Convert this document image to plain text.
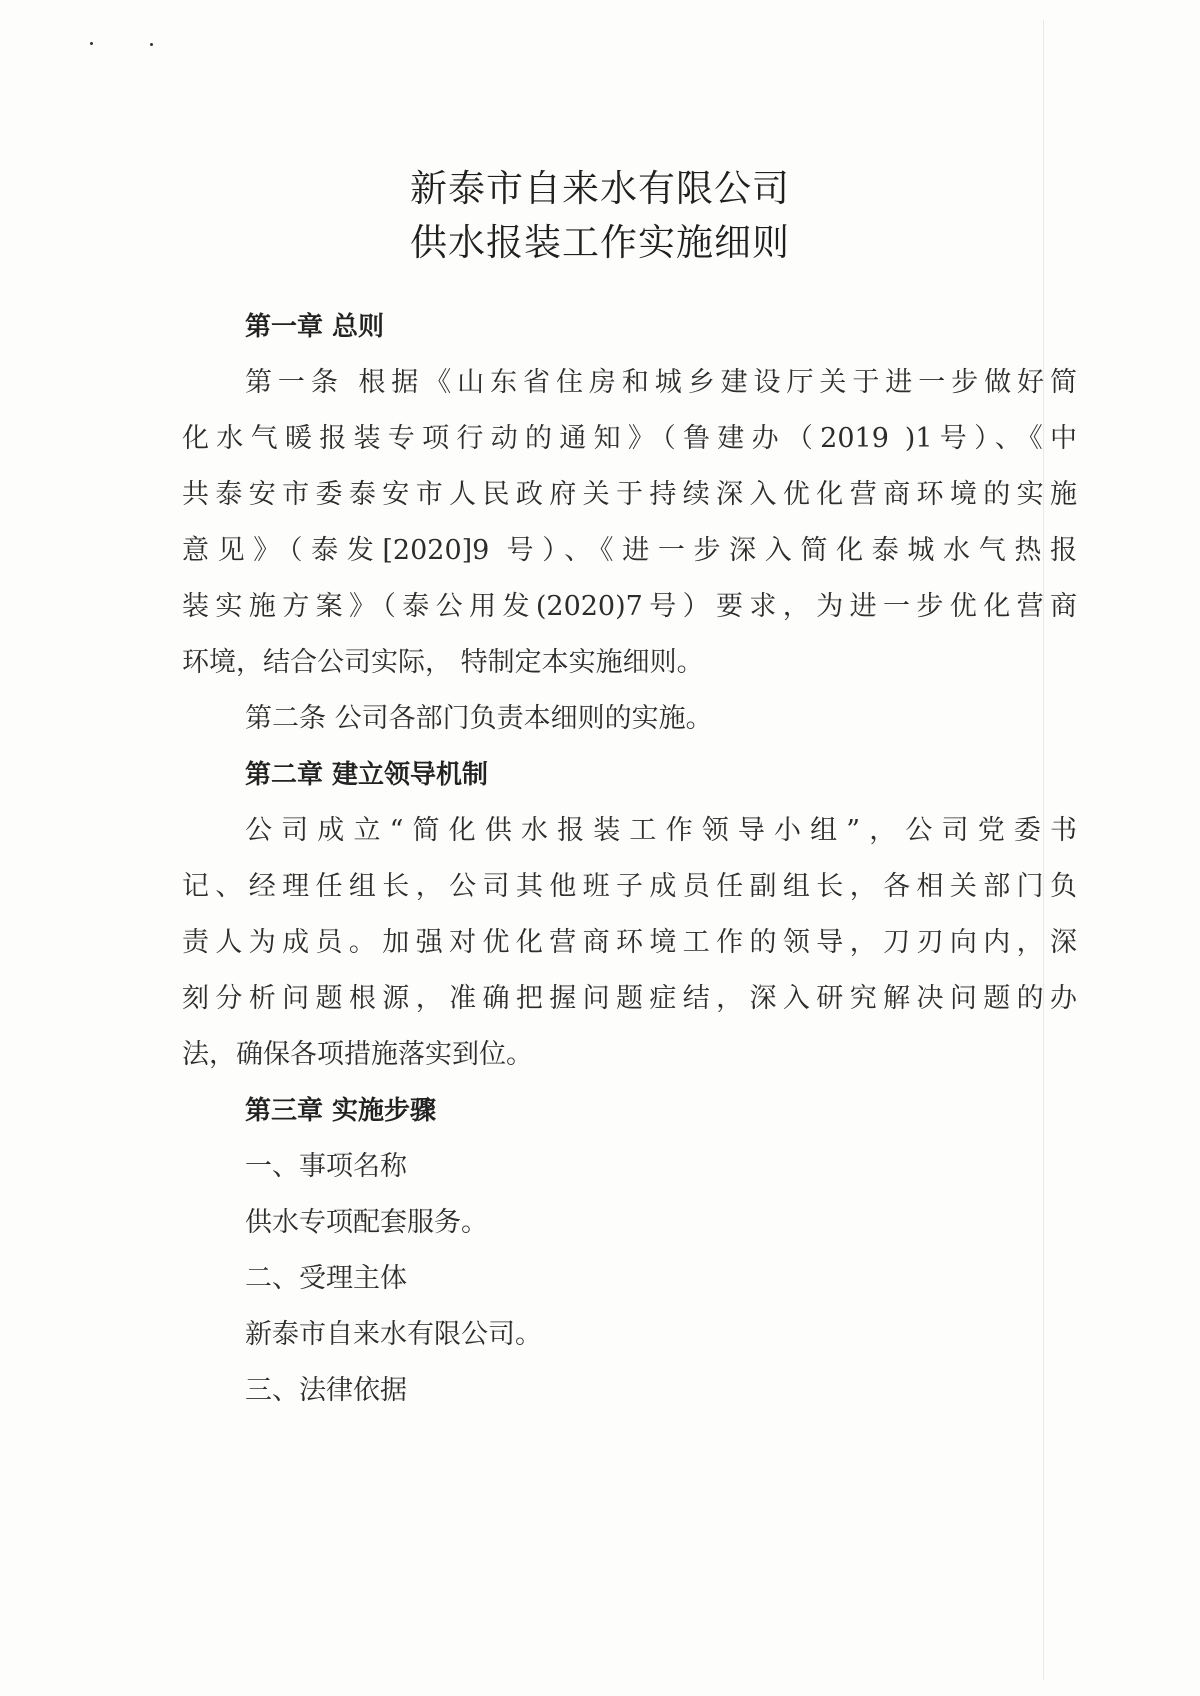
新泰市自来水有限公司
供水报装工作实施细则
第一章 总则
第一条 根据《山东省住房和城乡建设厅关于进一步做好简
化水气暖报装专项行动的通知》（鲁建办（2019 )1号）、《中
共泰安市委泰安市人民政府关于持续深入优化营商环境的实施
意见》（泰发[2020]9 号）、《进一步深入简化泰城水气热报
装实施方案》（泰公用发(2020)7号）要求，为进一步优化营商
环境，结合公司实际， 特制定本实施细则。
第二条 公司各部门负责本细则的实施。
第二章 建立领导机制
公司成立“简化供水报装工作领导小组”，公司党委书
记、经理任组长，公司其他班子成员任副组长，各相关部门负
责人为成员。加强对优化营商环境工作的领导，刀刃向内，深
刻分析问题根源，准确把握问题症结，深入研究解决问题的办
法，确保各项措施落实到位。
第三章 实施步骤
一、事项名称
供水专项配套服务。
二、受理主体
新泰市自来水有限公司。
三、法律依据
